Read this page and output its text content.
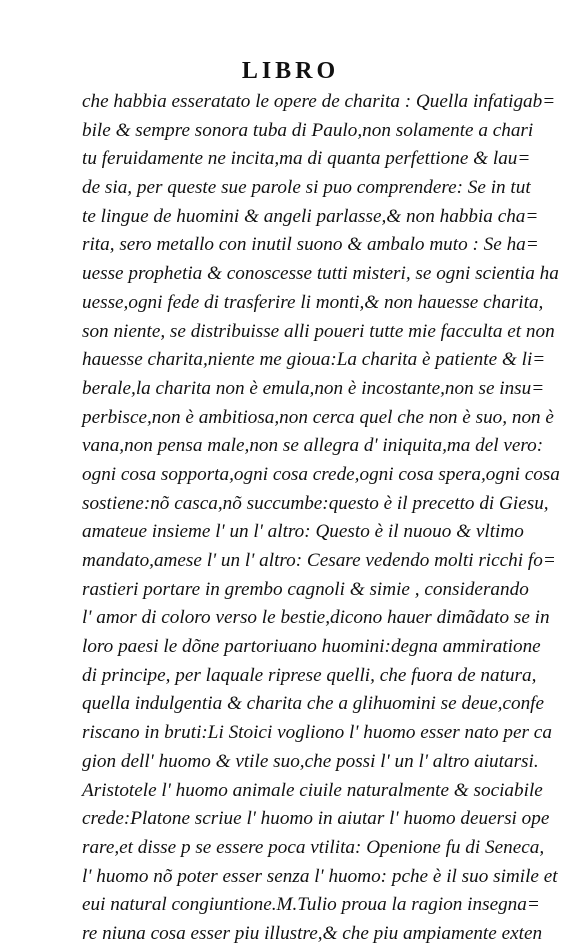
LIBRO
che habbia esseratato le opere de charita : Quella infatigab=
bile & sempre sonora tuba di Paulo,non solamente a chari
tu feruidamente ne incita,ma di quanta perfettione & lau=
de sia, per queste sue parole si puo comprendere: Se in tut
te lingue de huomini & angeli parlasse,& non habbia cha=
rita, sero metallo con inutil suono & ambalo muto : Se ha=
uesse prophetia & conoscesse tutti misteri, se ogni scientia ha
uesse,ogni fede di trasferire li monti,& non hauesse charita,
son niente, se distribuisse alli poueri tutte mie facculta et non
hauesse charita,niente me gioua:La charita è patiente & li=
berale,la charita non è emula,non è incostante,non se insu=
perbisce,non è ambitiosa,non cerca quel che non è suo, non è
vana,non pensa male,non se allegra d' iniquita,ma del vero:
ogni cosa sopporta,ogni cosa crede,ogni cosa spera,ogni cosa
sostiene:nõ casca,nõ succumbe:questo è il precetto di Giesu,
amateue insieme l' un l' altro: Questo è il nuouo & vltimo
mandato,amese l' un l' altro: Cesare vedendo molti ricchi fo=
rastieri portare in grembo cagnoli & simie , considerando
l' amor di coloro verso le bestie,dicono hauer dimãdato se in
loro paesi le dõne partoriuano huomini:degna ammiratione
di principe, per laquale riprese quelli, che fuora de natura,
quella indulgentia & charita che a glihuomini se deue,confe
riscano in bruti:Li Stoici vogliono l' huomo esser nato per ca
gion dell' huomo & vtile suo,che possi l' un l' altro aiutarsi.
Aristotele l' huomo animale ciuile naturalmente & sociabile
crede:Platone scriue l' huomo in aiutar l' huomo deuersi ope
rare,et disse p se essere poca vtilita: Openione fu di Seneca,
l' huomo nõ poter esser senza l' huomo: pche è il suo simile et
eui natural congiuntione.M.Tulio proua la ragion insegna=
re niuna cosa esser piu illustre,& che piu ampiamente exten
